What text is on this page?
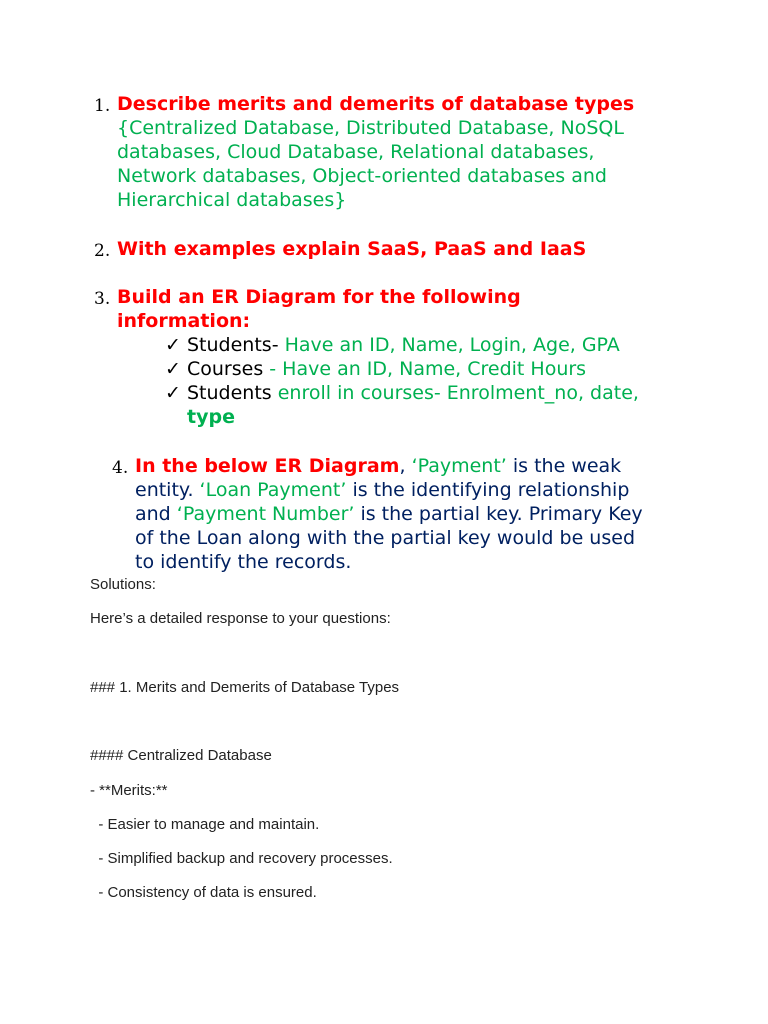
1. Describe merits and demerits of database types
{Centralized Database, Distributed Database, NoSQL
databases, Cloud Database, Relational databases,
Network databases, Object-oriented databases and
Hierarchical databases}
2. With examples explain SaaS, PaaS and IaaS
3. Build an ER Diagram for the following
information:
✓ Students- Have an ID, Name, Login, Age, GPA
✓ Courses - Have an ID, Name, Credit Hours
✓ Students enroll in courses- Enrolment_no, date,
type
4. In the below ER Diagram, ‘Payment’ is the weak
entity. ‘Loan Payment’ is the identifying relationship
and ‘Payment Number’ is the partial key. Primary Key
of the Loan along with the partial key would be used
to identify the records.
Solutions:
Here’s a detailed response to your questions:
### 1. Merits and Demerits of Database Types
#### Centralized Database
- **Merits:**
- Easier to manage and maintain.
- Simplified backup and recovery processes.
- Consistency of data is ensured.
